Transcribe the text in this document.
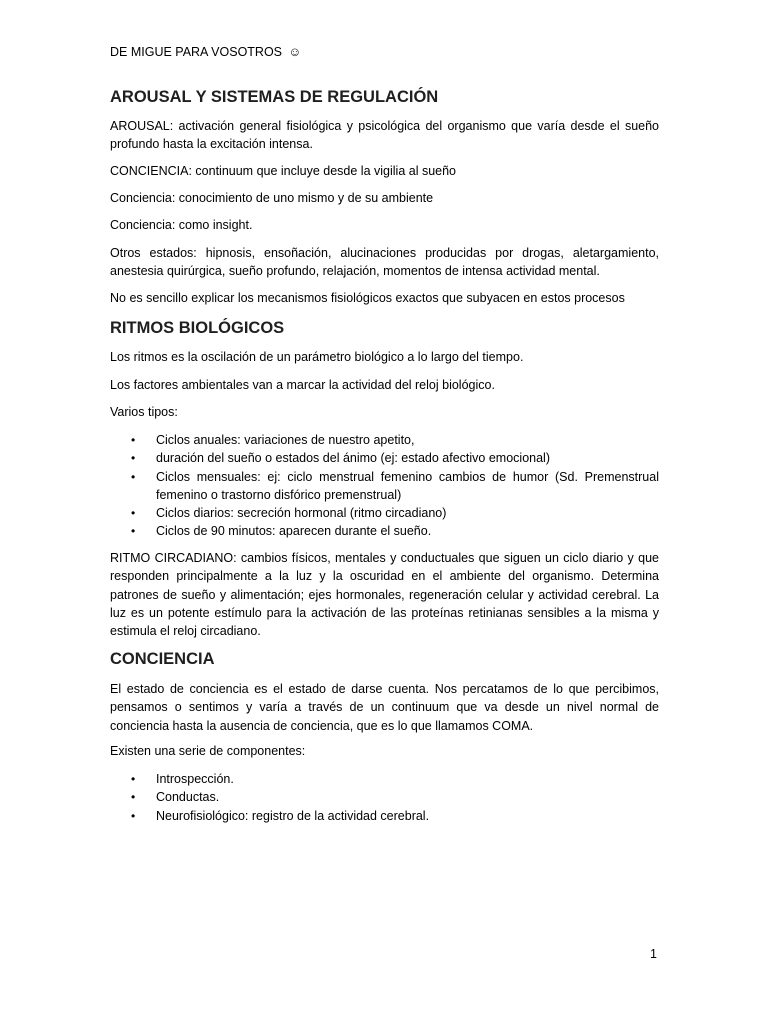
DE MIGUE PARA VOSOTROS ☺
AROUSAL Y SISTEMAS DE REGULACIÓN

AROUSAL: activación general fisiológica y psicológica del organismo que varía desde el sueño profundo hasta la excitación intensa.

CONCIENCIA: continuum que incluye desde la vigilia al sueño

Conciencia: conocimiento de uno mismo y de su ambiente

Conciencia: como insight.

Otros estados: hipnosis, ensoñación, alucinaciones producidas por drogas, aletargamiento, anestesia quirúrgica, sueño profundo, relajación, momentos de intensa actividad mental.

No es sencillo explicar los mecanismos fisiológicos exactos que subyacen en estos procesos

RITMOS BIOLÓGICOS

Los ritmos es la oscilación de un parámetro biológico a lo largo del tiempo.

Los factores ambientales van a marcar la actividad del reloj biológico.

Varios tipos:

• Ciclos anuales: variaciones de nuestro apetito,
• duración del sueño o estados del ánimo (ej: estado afectivo emocional)
• Ciclos mensuales: ej: ciclo menstrual femenino cambios de humor (Sd. Premenstrual femenino o trastorno disfórico premenstrual)
• Ciclos diarios: secreción hormonal (ritmo circadiano)
• Ciclos de 90 minutos: aparecen durante el sueño.

RITMO CIRCADIANO: cambios físicos, mentales y conductuales que siguen un ciclo diario y que responden principalmente a la luz y la oscuridad en el ambiente del organismo. Determina patrones de sueño y alimentación; ejes hormonales, regeneración celular y actividad cerebral. La luz es un potente estímulo para la activación de las proteínas retinianas sensibles a la misma y estimula el reloj circadiano.

CONCIENCIA

El estado de conciencia es el estado de darse cuenta. Nos percatamos de lo que percibimos, pensamos o sentimos y varía a través de un continuum que va desde un nivel normal de conciencia hasta la ausencia de conciencia, que es lo que llamamos COMA.

Existen una serie de componentes:

• Introspección.
• Conductas.
• Neurofisiológico: registro de la actividad cerebral.
1
